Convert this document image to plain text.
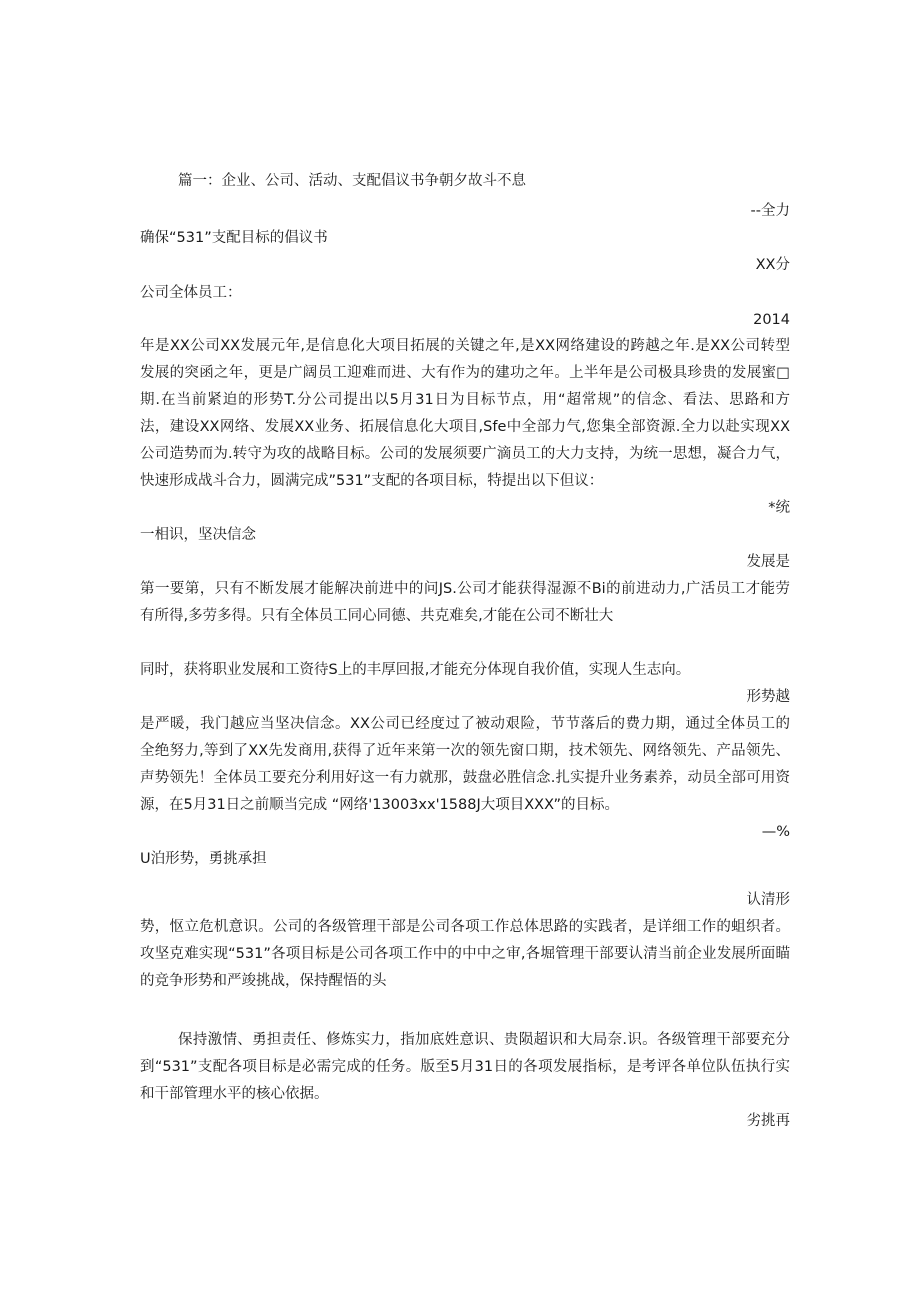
篇一：企业、公司、活动、支配倡议书争朝夕故斗不息
--全力
确保“531”支配目标的倡议书
XX分
公司全体员工：
2014
年是XX公司XX发展元年,是信息化大项目拓展的关键之年,是XX网络建设的跨越之年.是XX公司转型
发展的突函之年，更是广阔员工迎难而进、大有作为的建功之年。上半年是公司极具珍贵的发展蜜□
期.在当前紧迫的形势T.分公司提出以5月31日为目标节点，用“超常规”的信念、看法、思路和方
法，建设XX网络、发展XX业务、拓展信息化大项目,Sfe中全部力气,您集全部资源.全力以赴实现XX
公司造势而为.转守为攻的战略目标。公司的发展须要广滴员工的大力支持，为统一思想，凝合力气，
快速形成战斗合力，圆满完成”531”支配的各项目标，特提出以下但议：
*统
一相识，坚决信念
发展是
第一要第，只有不断发展才能解决前进中的问JS.公司才能获得湿源不Bi的前进动力,广活员工才能劳
有所得,多劳多得。只有全体员工同心同德、共克难矣,才能在公司不断壮大
同时，获将职业发展和工资待S上的丰厚回报,才能充分体现自我价值，实现人生志向。
形势越
是严暖，我门越应当坚决信念。XX公司已经度过了被动艰险，节节落后的费力期，通过全体员工的
全绝努力,等到了XX先发商用,获得了近年来第一次的领先窗口期，技术领先、网络领先、产品领先、
声势领先！全体员工要充分利用好这一有力就那，鼓盘必胜信念.扎实提升业务素养，动员全部可用资
源，在5月31日之前顺当完成 “网络'13003xx'1588J大项目XXX”的目标。
—%
U泊形势，勇挑承担
认清形
势，怄立危机意识。公司的各级管理干部是公司各项工作总体思路的实践者，是详细工作的蛆织者。
攻坚克难实现“531”各项目标是公司各项工作中的中中之审,各堀管理干部要认清当前企业发展所面瞄
的竞争形势和严竣挑战，保持醒悟的头
保持激情、勇担责任、修炼实力，指加底姓意识、贵陨超识和大局奈.识。各级管理干部要充分
到“531”支配各项目标是必需完成的任务。版至5月31日的各项发展指标，是考评各单位队伍执行实
和干部管理水平的核心依据。
劣挑再
